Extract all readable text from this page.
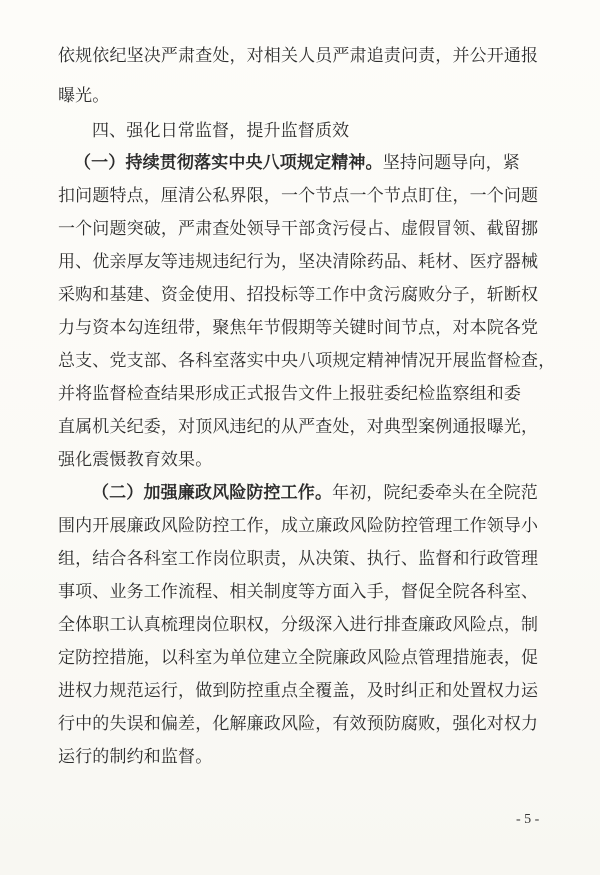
依规依纪坚决严肃查处，对相关人员严肃追责问责，并公开通报
曝光。
四、强化日常监督，提升监督质效
（一）持续贯彻落实中央八项规定精神。坚持问题导向，紧
扣问题特点，厘清公私界限，一个节点一个节点盯住，一个问题
一个问题突破，严肃查处领导干部贪污侵占、虚假冒领、截留挪
用、优亲厚友等违规违纪行为，坚决清除药品、耗材、医疗器械
采购和基建、资金使用、招投标等工作中贪污腐败分子，斩断权
力与资本勾连纽带，聚焦年节假期等关键时间节点，对本院各党
总支、党支部、各科室落实中央八项规定精神情况开展监督检查，
并将监督检查结果形成正式报告文件上报驻委纪检监察组和委
直属机关纪委，对顶风违纪的从严查处，对典型案例通报曝光，
强化震慑教育效果。
（二）加强廉政风险防控工作。年初，院纪委牵头在全院范
围内开展廉政风险防控工作，成立廉政风险防控管理工作领导小
组，结合各科室工作岗位职责，从决策、执行、监督和行政管理
事项、业务工作流程、相关制度等方面入手，督促全院各科室、
全体职工认真梳理岗位职权，分级深入进行排查廉政风险点，制
定防控措施，以科室为单位建立全院廉政风险点管理措施表，促
进权力规范运行，做到防控重点全覆盖，及时纠正和处置权力运
行中的失误和偏差，化解廉政风险，有效预防腐败，强化对权力
运行的制约和监督。
- 5 -
